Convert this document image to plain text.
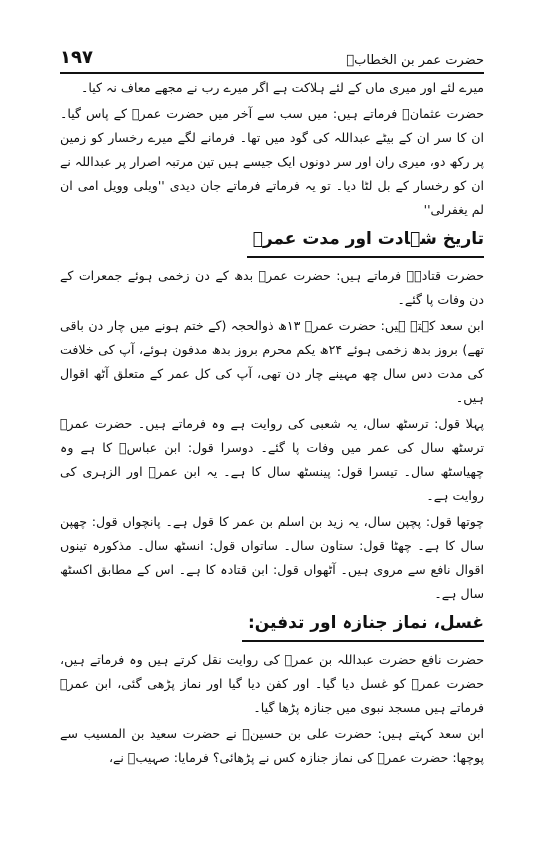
١٩٧	حضرت عمر بن الخطابؓ

میرے لئے اور میری ماں کے لئے ہلاکت ہے اگر میرے رب نے مجھے معاف نہ کیا۔

حضرت عثمانؓ فرماتے ہیں: میں سب سے آخر میں حضرت عمرؓ کے پاس گیا۔ ان کا سر ان کے بیٹے عبداللہ کی گود میں تھا۔ فرمانے لگے میرے رخسار کو زمین پر رکھ دو، میری ران اور سر دونوں ایک جیسے ہیں تین مرتبہ اصرار پر عبداللہ نے ان کو رخسار کے بل لٹا دیا۔ تو یہ فرماتے فرماتے جان دیدی ''ویلی وویل امی ان لم یغفرلی''

تاریخ شہادت اور مدت عمرؓ

حضرت قتادہؓ فرماتے ہیں: حضرت عمرؓ بدھ کے دن زخمی ہوئے جمعرات کے دن وفات پا گئے۔

ابن سعد کہتے ہیں: حضرت عمرؓ ۱۳ھ ذوالحجہ (کے ختم ہونے میں چار دن باقی تھے) بروز بدھ زخمی ہوئے ۲۴ھ یکم محرم بروز بدھ مدفون ہوئے، آپ کی خلافت کی مدت دس سال چھ مہینے چار دن تھی، آپ کی کل عمر کے متعلق آٹھ اقوال ہیں۔

پہلا قول: ترسٹھ سال، یہ شعبی کی روایت ہے وہ فرماتے ہیں۔ حضرت عمرؓ ترسٹھ سال کی عمر میں وفات پا گئے۔ دوسرا قول: ابن عباسؓ کا ہے وہ چھیاسٹھ سال۔ تیسرا قول: پینسٹھ سال کا ہے۔ یہ ابن عمرؓ اور الزہری کی روایت ہے۔

چوتھا قول: پچپن سال، یہ زید بن اسلم بن عمر کا قول ہے۔ پانچواں قول: چھپن سال کا ہے۔ چھٹا قول: ستاون سال۔ ساتواں قول: انسٹھ سال۔ مذکورہ تینوں اقوال نافع سے مروی ہیں۔ آٹھواں قول: ابن قتادہ کا ہے۔ اس کے مطابق اکسٹھ سال ہے۔

غسل، نماز جنازہ اور تدفین:

حضرت نافع حضرت عبداللہ بن عمرؓ کی روایت نقل کرتے ہیں وہ فرماتے ہیں، حضرت عمرؓ کو غسل دیا گیا۔ اور کفن دیا گیا اور نماز پڑھی گئی، ابن عمرؓ فرماتے ہیں مسجد نبوی میں جنازہ پڑھا گیا۔

ابن سعد کہتے ہیں: حضرت علی بن حسینؓ نے حضرت سعید بن المسیب سے پوچھا: حضرت عمرؓ کی نماز جنازہ کس نے پڑھائی؟ فرمایا: صہیبؓ نے،
